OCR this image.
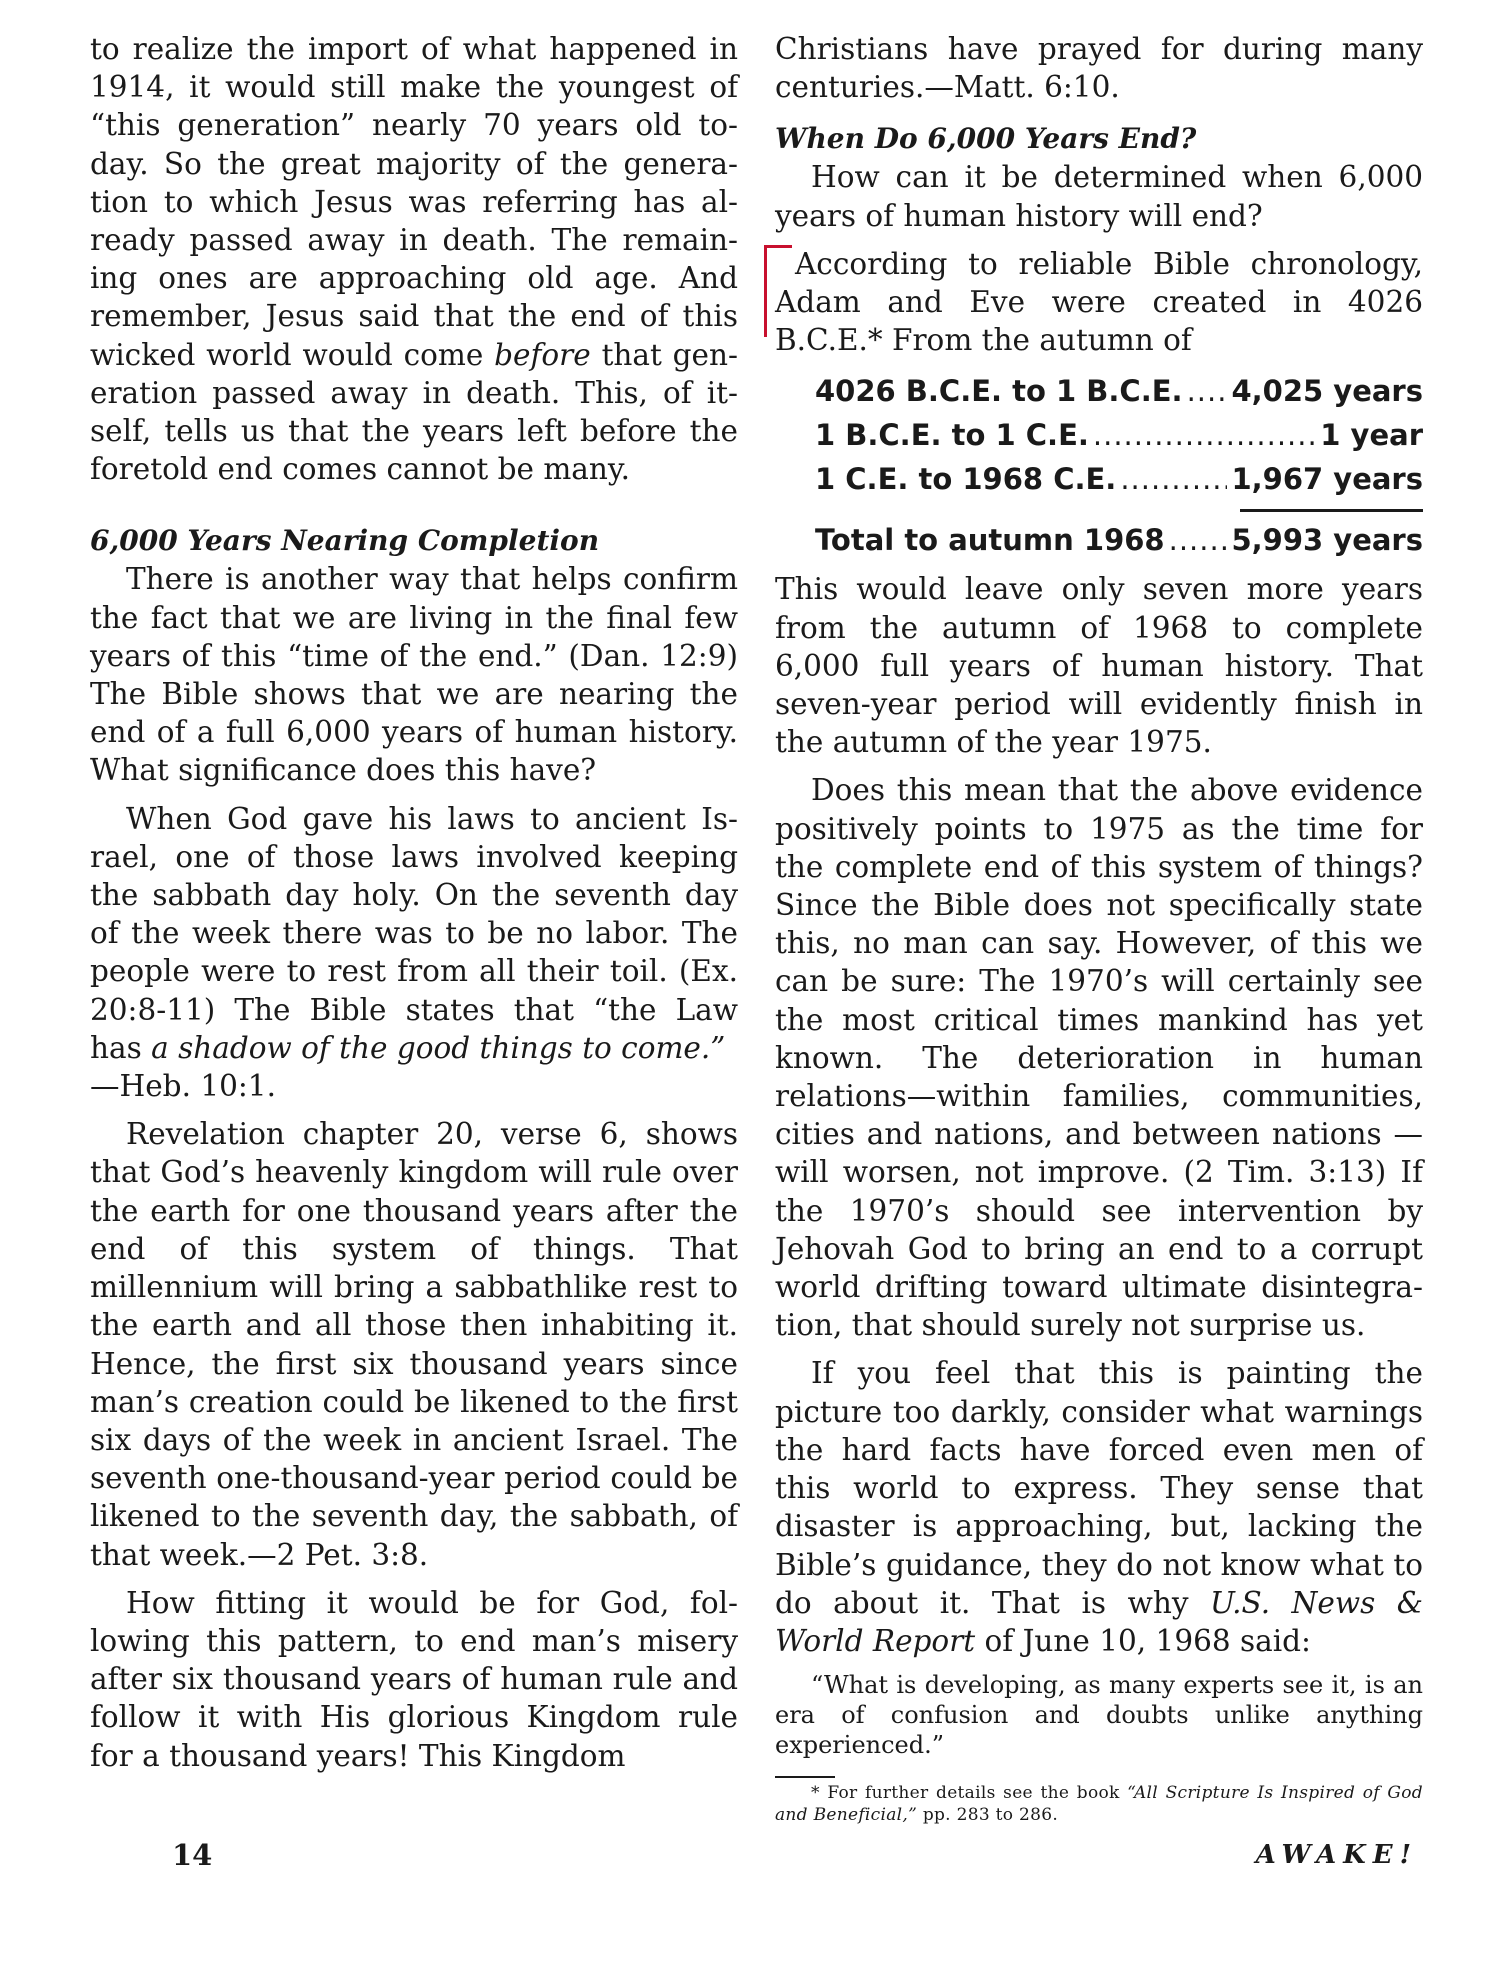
to realize the import of what happened in 1914, it would still make the youngest of “this generation” nearly 70 years old today. So the great majority of the generation to which Jesus was referring has already passed away in death. The remaining ones are approaching old age. And remember, Jesus said that the end of this wicked world would come before that generation passed away in death. This, of itself, tells us that the years left before the foretold end comes cannot be many.

6,000 Years Nearing Completion

There is another way that helps confirm the fact that we are living in the final few years of this “time of the end.” (Dan. 12:9) The Bible shows that we are nearing the end of a full 6,000 years of human history. What significance does this have?

When God gave his laws to ancient Israel, one of those laws involved keeping the sabbath day holy. On the seventh day of the week there was to be no labor. The people were to rest from all their toil. (Ex. 20:8-11) The Bible states that “the Law has a shadow of the good things to come.”
—Heb. 10:1.

Revelation chapter 20, verse 6, shows that God’s heavenly kingdom will rule over the earth for one thousand years after the end of this system of things. That millennium will bring a sabbathlike rest to the earth and all those then inhabiting it. Hence, the first six thousand years since man’s creation could be likened to the first six days of the week in ancient Israel. The seventh one-thousand-year period could be likened to the seventh day, the sabbath, of that week.—2 Pet. 3:8.

How fitting it would be for God, following this pattern, to end man’s misery after six thousand years of human rule and follow it with His glorious Kingdom rule for a thousand years! This Kingdom

Christians have prayed for during many centuries.—Matt. 6:10.

When Do 6,000 Years End?

How can it be determined when 6,000 years of human history will end?

According to reliable Bible chronology, Adam and Eve were created in 4026 B.C.E.* From the autumn of

4026 B.C.E. to 1 B.C.E. ..... 4,025 years
1 B.C.E. to 1 C.E. .....	1 year
1 C.E. to 1968 C.E. .....	1,967 years
Total to autumn 1968 ..... 5,993 years

This would leave only seven more years from the autumn of 1968 to complete 6,000 full years of human history. That seven-year period will evidently finish in the autumn of the year 1975.

Does this mean that the above evidence positively points to 1975 as the time for the complete end of this system of things? Since the Bible does not specifically state this, no man can say. However, of this we can be sure: The 1970’s will certainly see the most critical times mankind has yet known. The deterioration in human relations—within families, communities, cities and nations, and between nations —will worsen, not improve. (2 Tim. 3:13) If the 1970’s should see intervention by Jehovah God to bring an end to a corrupt world drifting toward ultimate disintegration, that should surely not surprise us.

If you feel that this is painting the picture too darkly, consider what warnings the hard facts have forced even men of this world to express. They sense that disaster is approaching, but, lacking the Bible’s guidance, they do not know what to do about it. That is why U.S. News & World Report of June 10, 1968 said:

“What is developing, as many experts see it, is an era of confusion and doubts unlike anything experienced.”

* For further details see the book “All Scripture Is Inspired of God and Beneficial,” pp. 283 to 286.

14	AWAKE!
